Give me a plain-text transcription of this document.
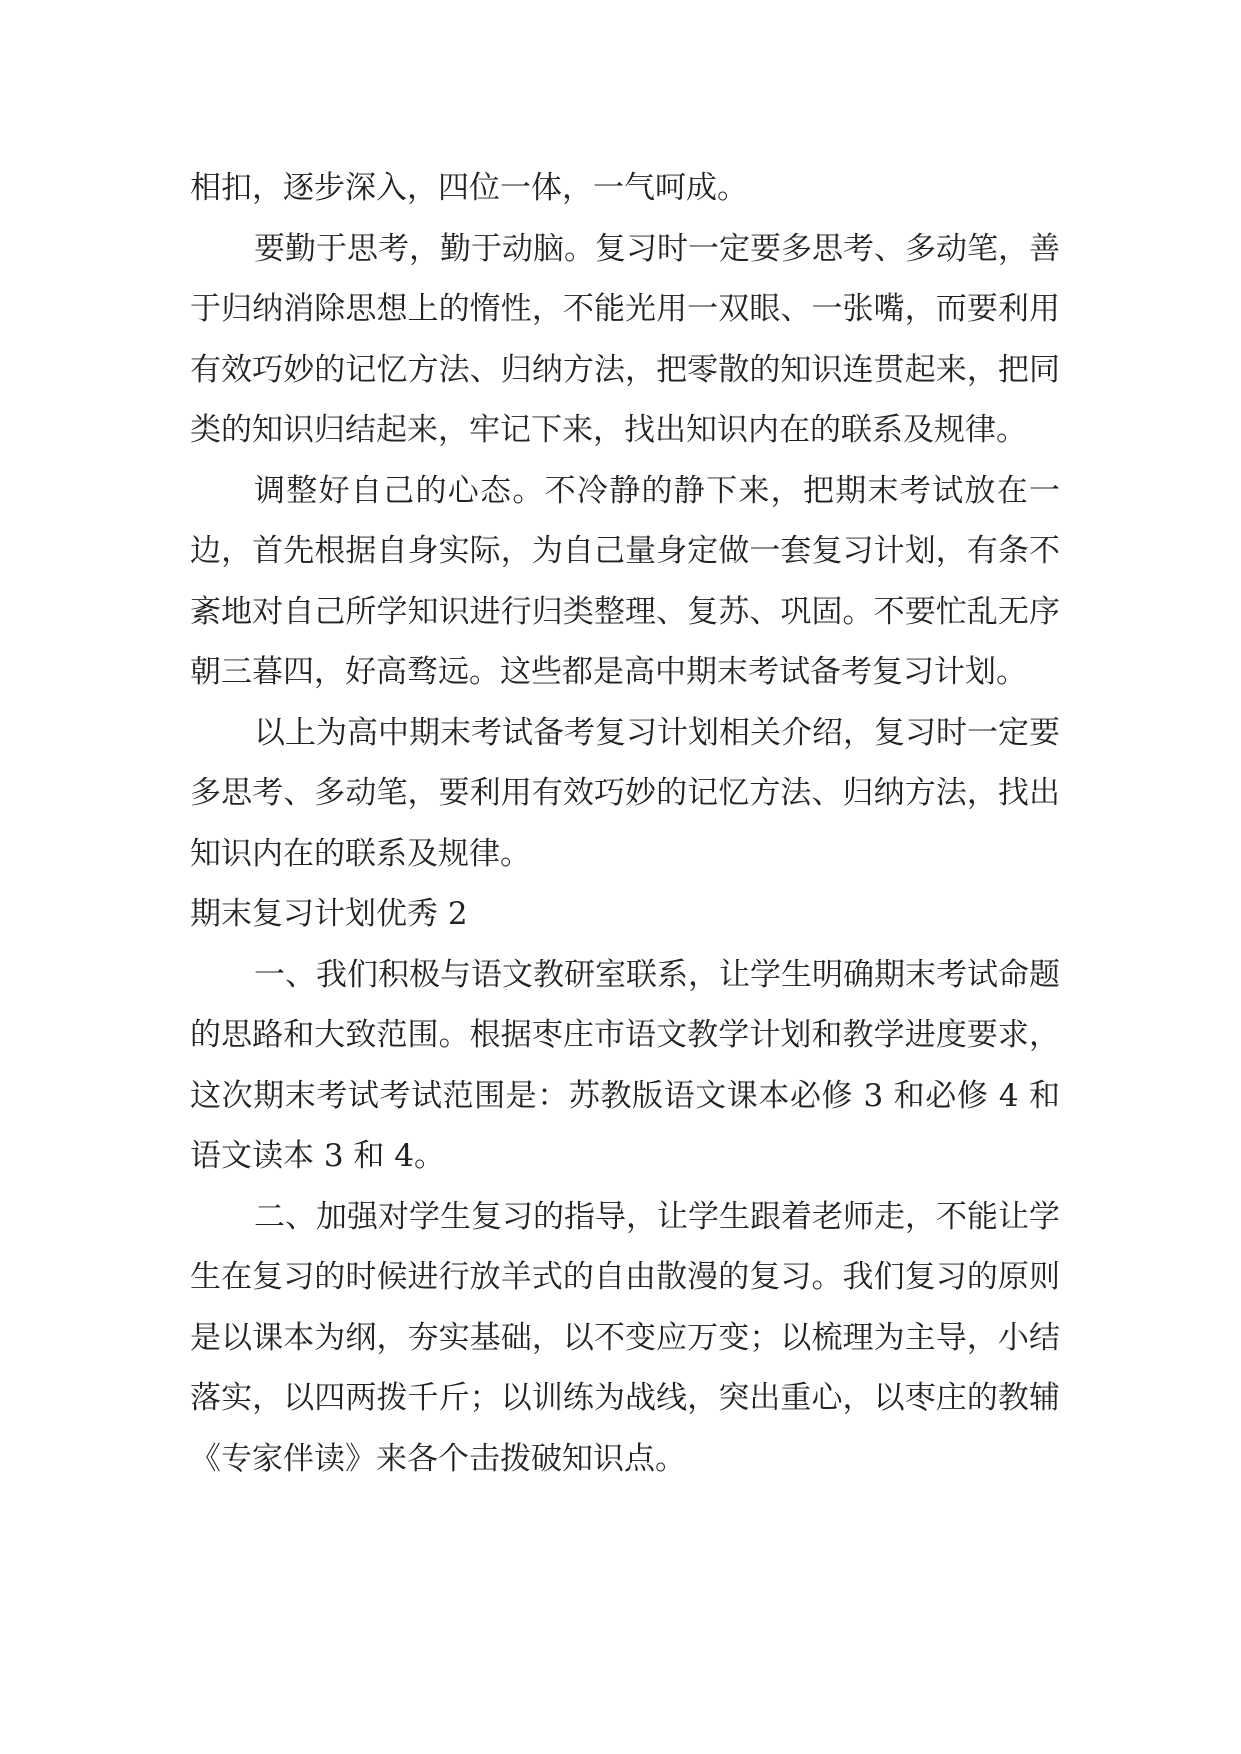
相扣，逐步深入，四位一体，一气呵成。

要勤于思考，勤于动脑。复习时一定要多思考、多动笔，善于归纳消除思想上的惰性，不能光用一双眼、一张嘴，而要利用有效巧妙的记忆方法、归纳方法，把零散的知识连贯起来，把同类的知识归结起来，牢记下来，找出知识内在的联系及规律。

调整好自己的心态。不冷静的静下来，把期末考试放在一边，首先根据自身实际，为自己量身定做一套复习计划，有条不紊地对自己所学知识进行归类整理、复苏、巩固。不要忙乱无序朝三暮四，好高骛远。这些都是高中期末考试备考复习计划。

以上为高中期末考试备考复习计划相关介绍，复习时一定要多思考、多动笔，要利用有效巧妙的记忆方法、归纳方法，找出知识内在的联系及规律。

期末复习计划优秀 2

一、我们积极与语文教研室联系，让学生明确期末考试命题的思路和大致范围。根据枣庄市语文教学计划和教学进度要求，这次期末考试考试范围是：苏教版语文课本必修 3 和必修 4 和语文读本 3 和 4。

二、加强对学生复习的指导，让学生跟着老师走，不能让学生在复习的时候进行放羊式的自由散漫的复习。我们复习的原则是以课本为纲，夯实基础，以不变应万变；以梳理为主导，小结落实，以四两拨千斤；以训练为战线，突出重心，以枣庄的教辅《专家伴读》来各个击拨破知识点。
